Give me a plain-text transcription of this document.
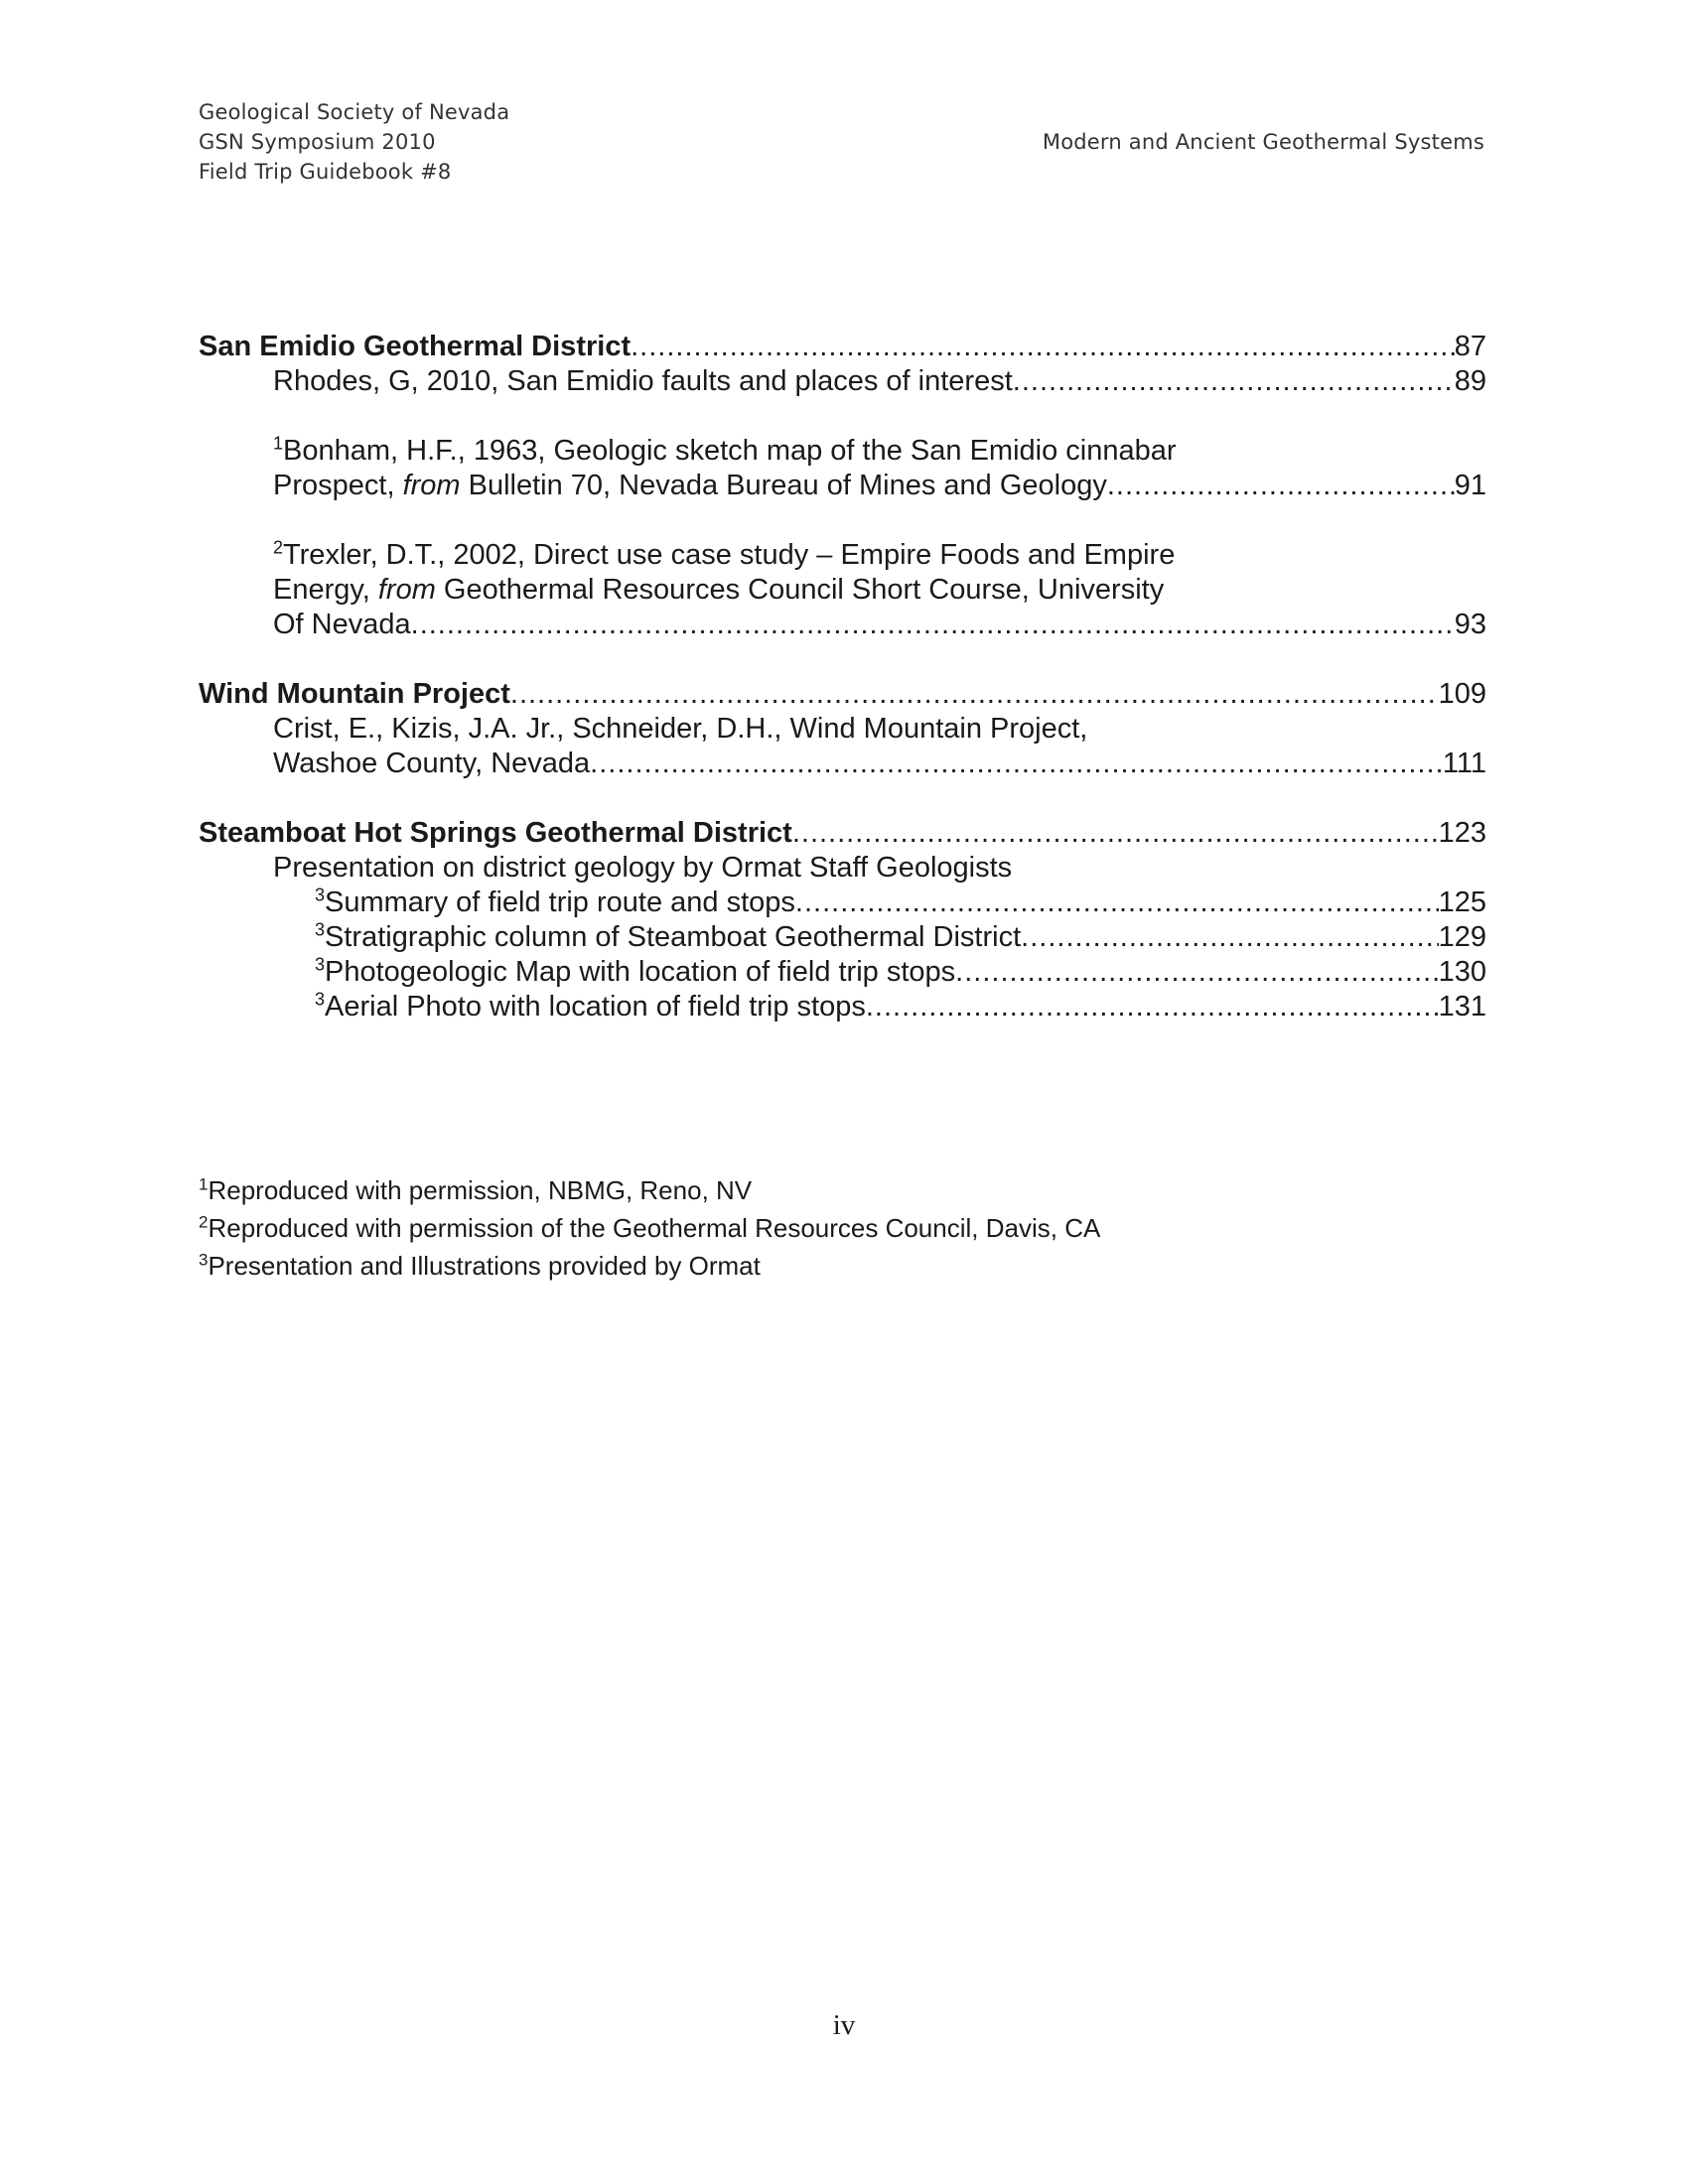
Geological Society of Nevada
GSN Symposium 2010
Field Trip Guidebook #8
Modern and Ancient Geothermal Systems
San Emidio Geothermal District .....	87
Rhodes, G, 2010, San Emidio faults and places of interest .....	89
$^1$Bonham, H.F., 1963, Geologic sketch map of the San Emidio cinnabar
Prospect, from Bulletin 70, Nevada Bureau of Mines and Geology .....	91
$^2$Trexler, D.T., 2002, Direct use case study – Empire Foods and Empire
Energy, from Geothermal Resources Council Short Course, University
Of Nevada .....	93
Wind Mountain Project .....	109
Crist, E., Kizis, J.A. Jr., Schneider, D.H., Wind Mountain Project,
Washoe County, Nevada .....	111
Steamboat Hot Springs Geothermal District .....	123
Presentation on district geology by Ormat Staff Geologists
$^3$Summary of field trip route and stops .....	125
$^3$Stratigraphic column of Steamboat Geothermal District .....	129
$^3$Photogeologic Map with location of field trip stops .....	130
$^3$Aerial Photo with location of field trip stops .....	131
$^1$Reproduced with permission, NBMG, Reno, NV
$^2$Reproduced with permission of the Geothermal Resources Council, Davis, CA
$^3$Presentation and Illustrations provided by Ormat
iv
